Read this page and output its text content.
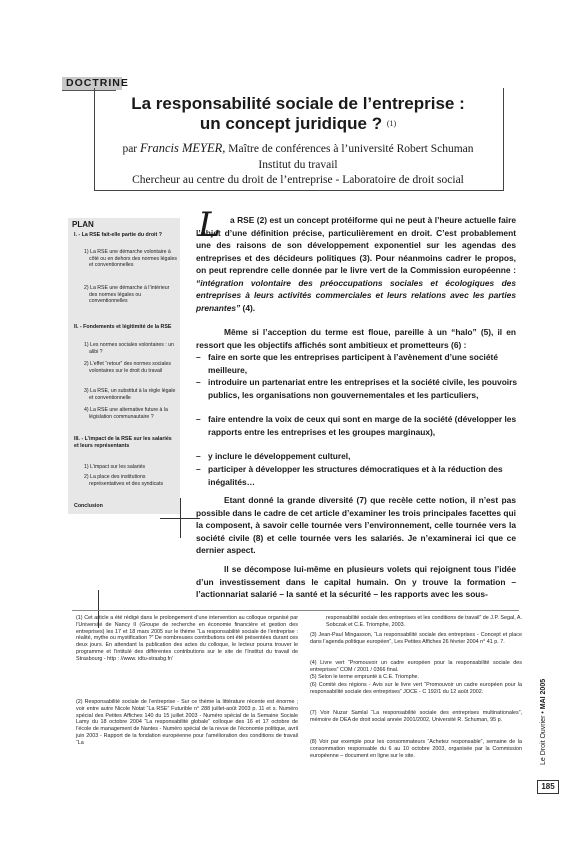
DOCTRINE
La responsabilité sociale de l’entreprise :
un concept juridique ? $^{(1)}$
par Francis MEYER, Maître de conférences à l’université Robert Schuman
Institut du travail
Chercheur au centre du droit de l’entreprise - Laboratoire de droit social
PLAN
I. - La RSE fait-elle partie du droit ?
1) La RSE une démarche volontaire à côté ou en dehors des normes légales et conventionnelles
2) La RSE une démarche à l’intérieur des normes légales ou conventionnelles
II. - Fondements et légitimité de la RSE
1) Les normes sociales volontaires : un alibi ?
2) L’effet “retour” des normes sociales volontaires sur le droit du travail
3) La RSE, un substitut à la règle légale et conventionnelle
4) La RSE une alternative future à la législation communautaire ?
III. - L’impact de la RSE sur les salariés et leurs représentants
1) L’impact sur les salariés
2) La place des institutions représentatives et des syndicats
Conclusion
L	a RSE (2) est un concept protéiforme qui ne peut à l’heure actuelle faire l’objet d’une définition précise, particulièrement en droit. C’est probablement une des raisons de son développement exponentiel sur les agendas des entreprises et des décideurs politiques (3). Pour néanmoins cadrer le propos, on peut reprendre celle donnée par le livre vert de la Commission européenne : “intégration volontaire des préoccupations sociales et écologiques des entreprises à leurs activités commerciales et leurs relations avec les parties prenantes” (4).
Même si l’acception du terme est floue, pareille à un “halo” (5), il en ressort que les objectifs affichés sont ambitieux et prometteurs (6) :
– faire en sorte que les entreprises participent à l’avènement d’une société meilleure,
– introduire un partenariat entre les entreprises et la société civile, les pouvoirs publics, les organisations non gouvernementales et les particuliers,
– faire entendre la voix de ceux qui sont en marge de la société (développer les rapports entre les entreprises et les groupes marginaux),
– y inclure le développement culturel,
– participer à développer les structures démocratiques et à la réduction des inégalités…
Etant donné la grande diversité (7) que recèle cette notion, il n’est pas possible dans le cadre de cet article d’examiner les trois principales facettes qui la composent, à savoir celle tournée vers l’environnement, celle tournée vers la société civile (8) et celle tournée vers les salariés. Je n’examinerai ici que ce dernier aspect.
Il se décompose lui-même en plusieurs volets qui rejoignent tous l’idée d’un investissement dans le capital humain. On y trouve la formation – l’actionnariat salarié – la santé et la sécurité – les rapports avec les sous-
(1) Cet article a été rédigé dans le prolongement d’une intervention au colloque organisé par l’Université de Nancy II (Groupe de recherche en économie financière et gestion des entreprises) les 17 et 18 mars 2005 sur le thème “La responsabilité sociale de l’entreprise : réalité, mythe ou mystification ?” De nombreuses contributions ont été présentées durant ces deux jours. En attendant la publication des actes du colloque, le lecteur pourra trouver le programme et l’intitulé des différentes contributions sur le site de l’Institut du travail de Strasbourg - http : //www. idtu-strasbg.fr/
(2) Responsabilité sociale de l’entreprise - Sur ce thème la littérature récente est énorme ; voir entre autre Nicole Notat “La RSE” Futurible n° 288 juillet-août 2003 p. 11 et s. Numéro spécial des Petites Affiches 140 du 15 juillet 2003 - Numéro spécial de la Semaine Sociale Lamy du 18 octobre 2004 “La responsabilité globale” colloque des 16 et 17 octobre de l’école de management de Nantes - Numéro spécial de la revue de l’économie politique, avril juin 2003 - Rapport de la fondation européenne pour l’amélioration des conditions de travail “La
responsabilité sociale des entreprises et les conditions de travail” de J.P. Segal, A. Sobczak et C.E. Triomphe, 2003.
(3) Jean-Paul Mingasson, “La responsabilité sociale des entreprises - Concept et place dans l’agenda politique européen”, Les Petites Affiches 26 février 2004 n° 41 p. 7.
(4) Livre vert “Promouvoir un cadre européen pour la responsabilité sociale des entreprises” COM / 2001 / 0366 final.
(5) Selon le terme emprunté à C.E. Triomphe.
(6) Comité des régions - Avis sur le livre vert “Promouvoir un cadre européen pour la responsabilité sociale des entreprises” JOCE - C 192/1 du 12 août 2002.
(7) Voir Nuzar Samlal “La responsabilité sociale des entreprises multinationales”, mémoire de DEA de droit social année 2001/2002, Université R. Schuman, 95 p.
(8) Voir par exemple pour les consommateurs “Achetez responsable”, semaine de la consommation responsable du 6 au 10 octobre 2003, organisée par la Commission européenne – document en ligne sur le site.	Le Droit Ouvrier • MAI 2005
185
